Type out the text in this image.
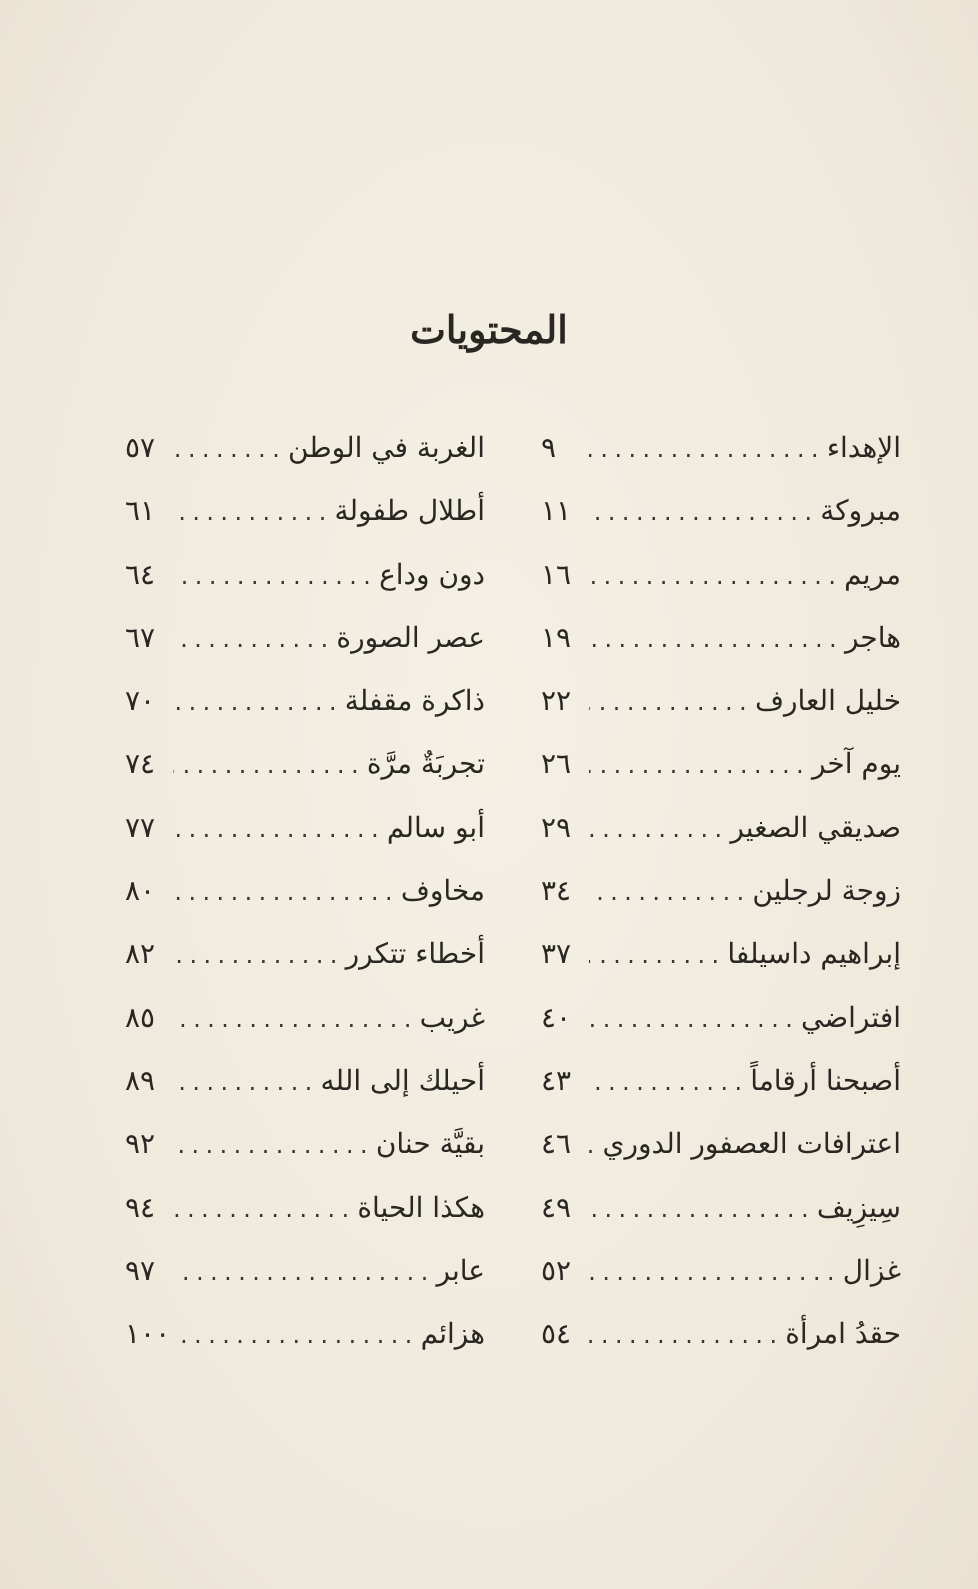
المحتويات
الإهداء
.....
٩
مبروكة
.....
١١
مريم
.....
١٦
هاجر
.....
١٩
خليل العارف
.....
٢٢
يوم آخر
.....
٢٦
صديقي الصغير
.....
٢٩
زوجة لرجلين
.....
٣٤
إبراهيم داسيلفا
.....
٣٧
افتراضي
.....
٤٠
أصبحنا أرقاماً
.....
٤٣
اعترافات العصفور الدوري
.....
٤٦
سِيزِيف
.....
٤٩
غزال
.....
٥٢
حقدُ امرأة
.....
٥٤
الغربة في الوطن
.....
٥٧
أطلال طفولة
.....
٦١
دون وداع
.....
٦٤
عصر الصورة
.....
٦٧
ذاكرة مقفلة
.....
٧٠
تجربَةٌ مرَّة
.....
٧٤
أبو سالم
.....
٧٧
مخاوف
.....
٨٠
أخطاء تتكرر
.....
٨٢
غريب
.....
٨٥
أحيلك إلى الله
.....
٨٩
بقيَّة حنان
.....
٩٢
هكذا الحياة
.....
٩٤
عابر
.....
٩٧
هزائم
.....
١٠٠
